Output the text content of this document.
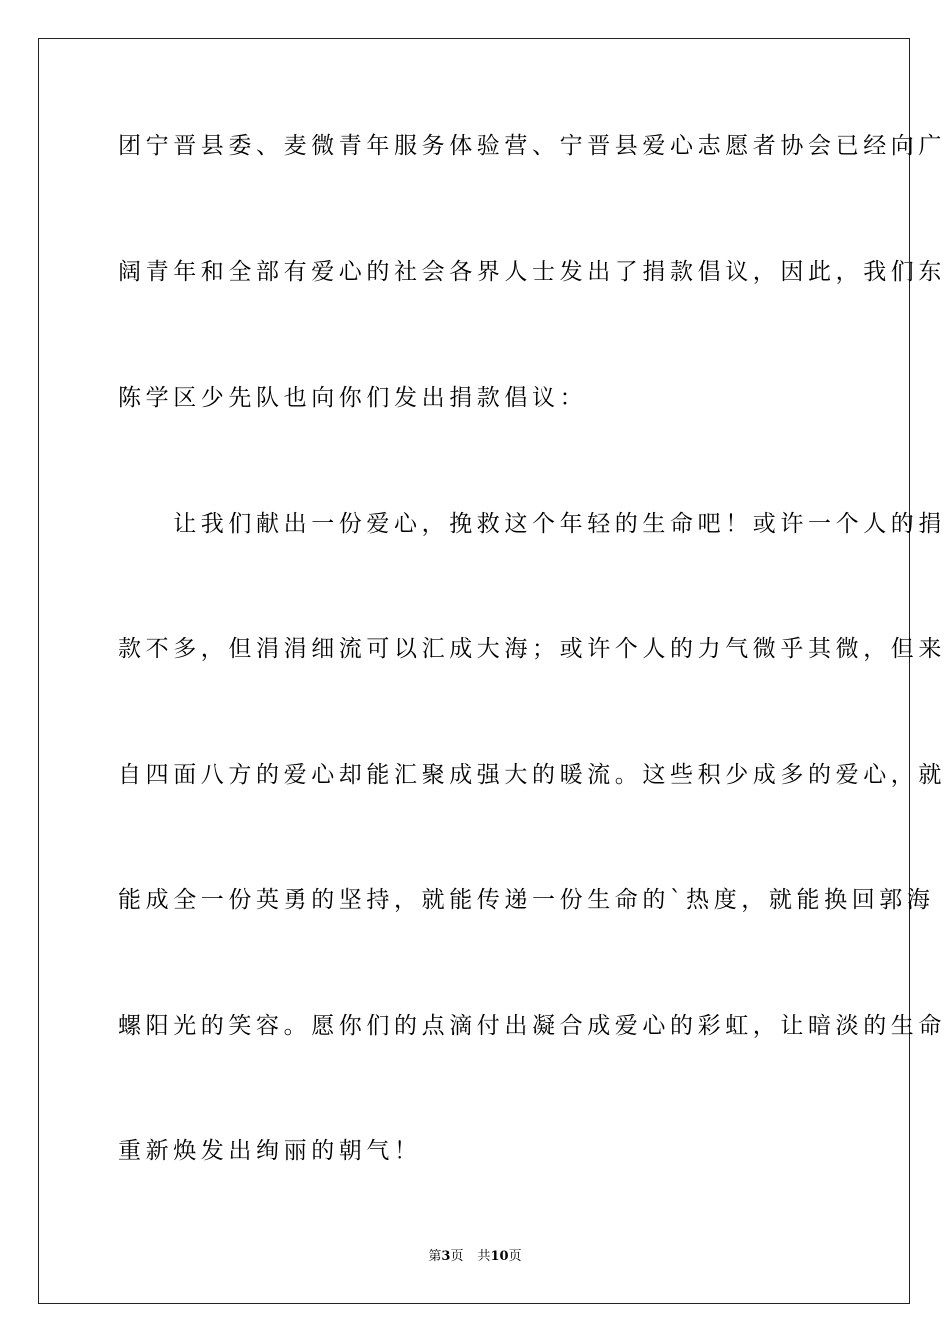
团宁晋县委、麦微青年服务体验营、宁晋县爱心志愿者协会已经向广
阔青年和全部有爱心的社会各界人士发出了捐款倡议，因此，我们东
陈学区少先队也向你们发出捐款倡议：
　　让我们献出一份爱心，挽救这个年轻的生命吧！或许一个人的捐
款不多，但涓涓细流可以汇成大海；或许个人的力气微乎其微，但来
自四面八方的爱心却能汇聚成强大的暖流。这些积少成多的爱心，就
能成全一份英勇的坚持，就能传递一份生命的`热度，就能换回郭海
螺阳光的笑容。愿你们的点滴付出凝合成爱心的彩虹，让暗淡的生命
重新焕发出绚丽的朝气！
第3页 共10页
